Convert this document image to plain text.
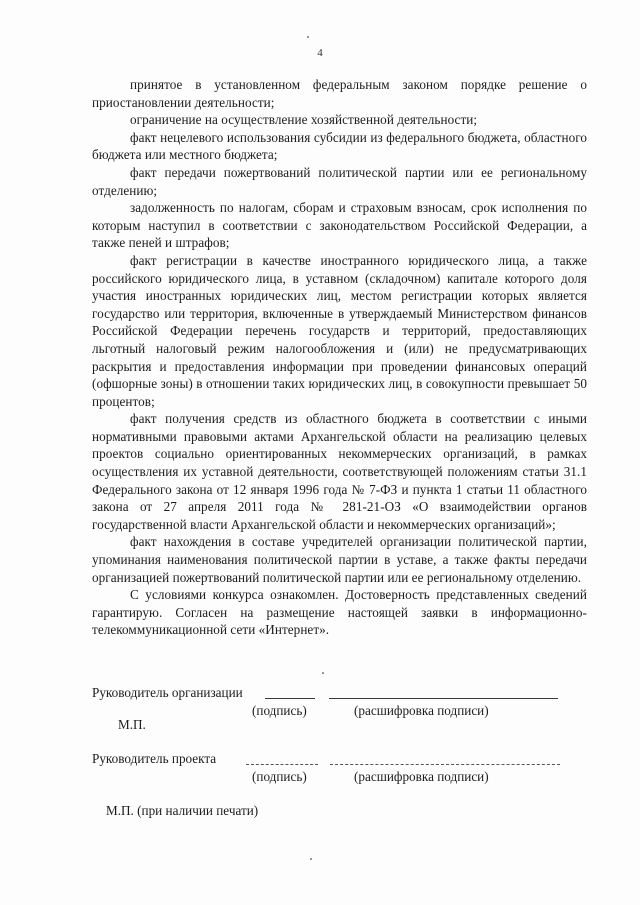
4

принятое в установленном федеральным законом порядке решение о приостановлении деятельности;

ограничение на осуществление хозяйственной деятельности;

факт нецелевого использования субсидии из федерального бюджета, областного бюджета или местного бюджета;

факт передачи пожертвований политической партии или ее региональному отделению;

задолженность по налогам, сборам и страховым взносам, срок исполнения по которым наступил в соответствии с законодательством Российской Федерации, а также пеней и штрафов;

факт регистрации в качестве иностранного юридического лица, а также российского юридического лица, в уставном (складочном) капитале которого доля участия иностранных юридических лиц, местом регистрации которых является государство или территория, включенные в утверждаемый Министерством финансов Российской Федерации перечень государств и территорий, предоставляющих льготный налоговый режим налогообложения и (или) не предусматривающих раскрытия и предоставления информации при проведении финансовых операций (офшорные зоны) в отношении таких юридических лиц, в совокупности превышает 50 процентов;

факт получения средств из областного бюджета в соответствии с иными нормативными правовыми актами Архангельской области на реализацию целевых проектов социально ориентированных некоммерческих организаций, в рамках осуществления их уставной деятельности, соответствующей положениям статьи 31.1 Федерального закона от 12 января 1996 года № 7-ФЗ и пункта 1 статьи 11 областного закона от 27 апреля 2011 года № 281-21-ОЗ «О взаимодействии органов государственной власти Архангельской области и некоммерческих организаций»;

факт нахождения в составе учредителей организации политической партии, упоминания наименования политической партии в уставе, а также факты передачи организацией пожертвований политической партии или ее региональному отделению.

С условиями конкурса ознакомлен. Достоверность представленных сведений гарантирую. Согласен на размещение настоящей заявки в информационно-телекоммуникационной сети «Интернет».

Руководитель организации
(подпись)	(расшифровка подписи)
М.П.
Руководитель проекта
(подпись)	(расшифровка подписи)
М.П. (при наличии печати)
